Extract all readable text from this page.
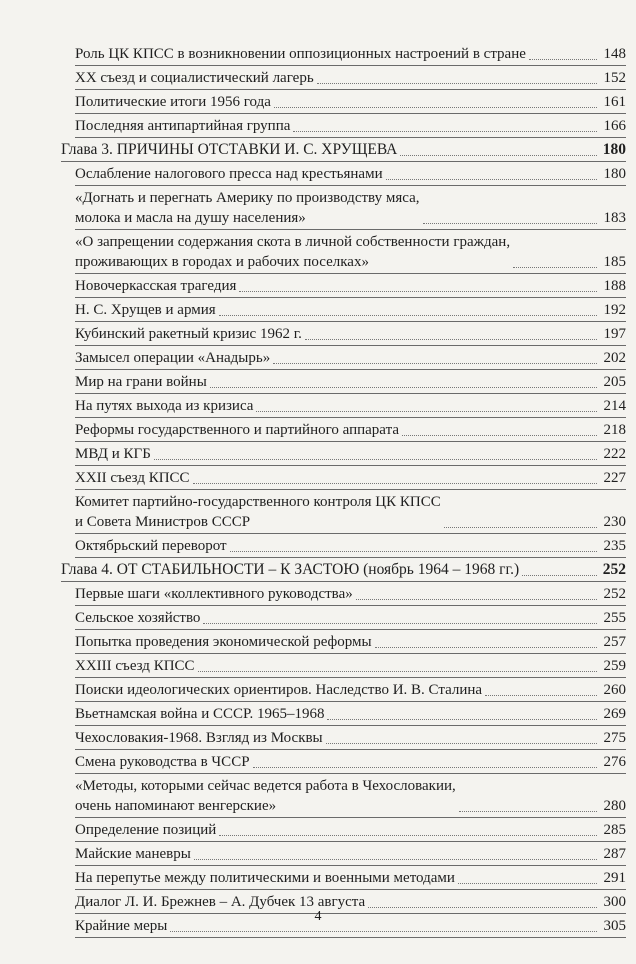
Роль ЦК КПСС в возникновении оппозиционных настроений в стране	148
XX съезд и социалистический лагерь	152
Политические итоги 1956 года	161
Последняя антипартийная группа	166
Глава 3. ПРИЧИНЫ ОТСТАВКИ И. С. ХРУЩЕВА	180
Ослабление налогового пресса над крестьянами	180
«Догнать и перегнать Америку по производству мяса,
молока и масла на душу населения»	183
«О запрещении содержания скота в личной собственности граждан,
проживающих в городах и рабочих поселках»	185
Новочеркасская трагедия	188
Н. С. Хрущев и армия	192
Кубинский ракетный кризис 1962 г.	197
Замысел операции «Анадырь»	202
Мир на грани войны	205
На путях выхода из кризиса	214
Реформы государственного и партийного аппарата	218
МВД и КГБ	222
XXII съезд КПСС	227
Комитет партийно-государственного контроля ЦК КПСС
и Совета Министров СССР	230
Октябрьский переворот	235
Глава 4. ОТ СТАБИЛЬНОСТИ – К ЗАСТОЮ (ноябрь 1964 – 1968 гг.)	252
Первые шаги «коллективного руководства»	252
Сельское хозяйство	255
Попытка проведения экономической реформы	257
XXIII съезд КПСС	259
Поиски идеологических ориентиров. Наследство И. В. Сталина	260
Вьетнамская война и СССР. 1965–1968	269
Чехословакия-1968. Взгляд из Москвы	275
Смена руководства в ЧССР	276
«Методы, которыми сейчас ведется работа в Чехословакии,
очень напоминают венгерские»	280
Определение позиций	285
Майские маневры	287
На перепутье между политическими и военными методами	291
Диалог Л. И. Брежнев – А. Дубчек 13 августа	300
Крайние меры	305
4
